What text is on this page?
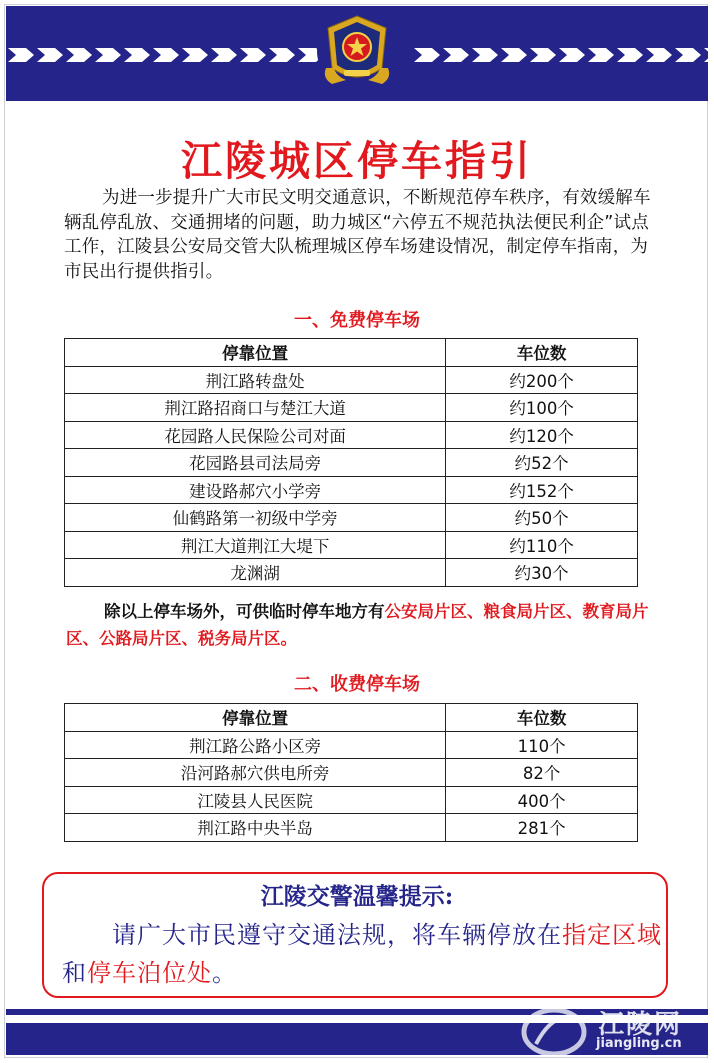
江陵城区停车指引

为进一步提升广大市民文明交通意识，不断规范停车秩序，有效缓解车辆乱停乱放、交通拥堵的问题，助力城区“六停五不规范执法便民利企”试点工作，江陵县公安局交管大队梳理城区停车场建设情况，制定停车指南，为市民出行提供指引。

一、免费停车场
停靠位置	车位数
荆江路转盘处	约200个
荆江路招商口与楚江大道	约100个
花园路人民保险公司对面	约120个
花园路县司法局旁	约52个
建设路郝穴小学旁	约152个
仙鹤路第一初级中学旁	约50个
荆江大道荆江大堤下	约110个
龙渊湖	约30个

除以上停车场外，可供临时停车地方有公安局片区、粮食局片区、教育局片区、公路局片区、税务局片区。

二、收费停车场
停靠位置	车位数
荆江路公路小区旁	110个
沿河路郝穴供电所旁	82个
江陵县人民医院	400个
荆江路中央半岛	281个
江陵交警温馨提示:

请广大市民遵守交通法规，将车辆停放在指定区域和停车泊位处。

江陵网
jiangling.cn
